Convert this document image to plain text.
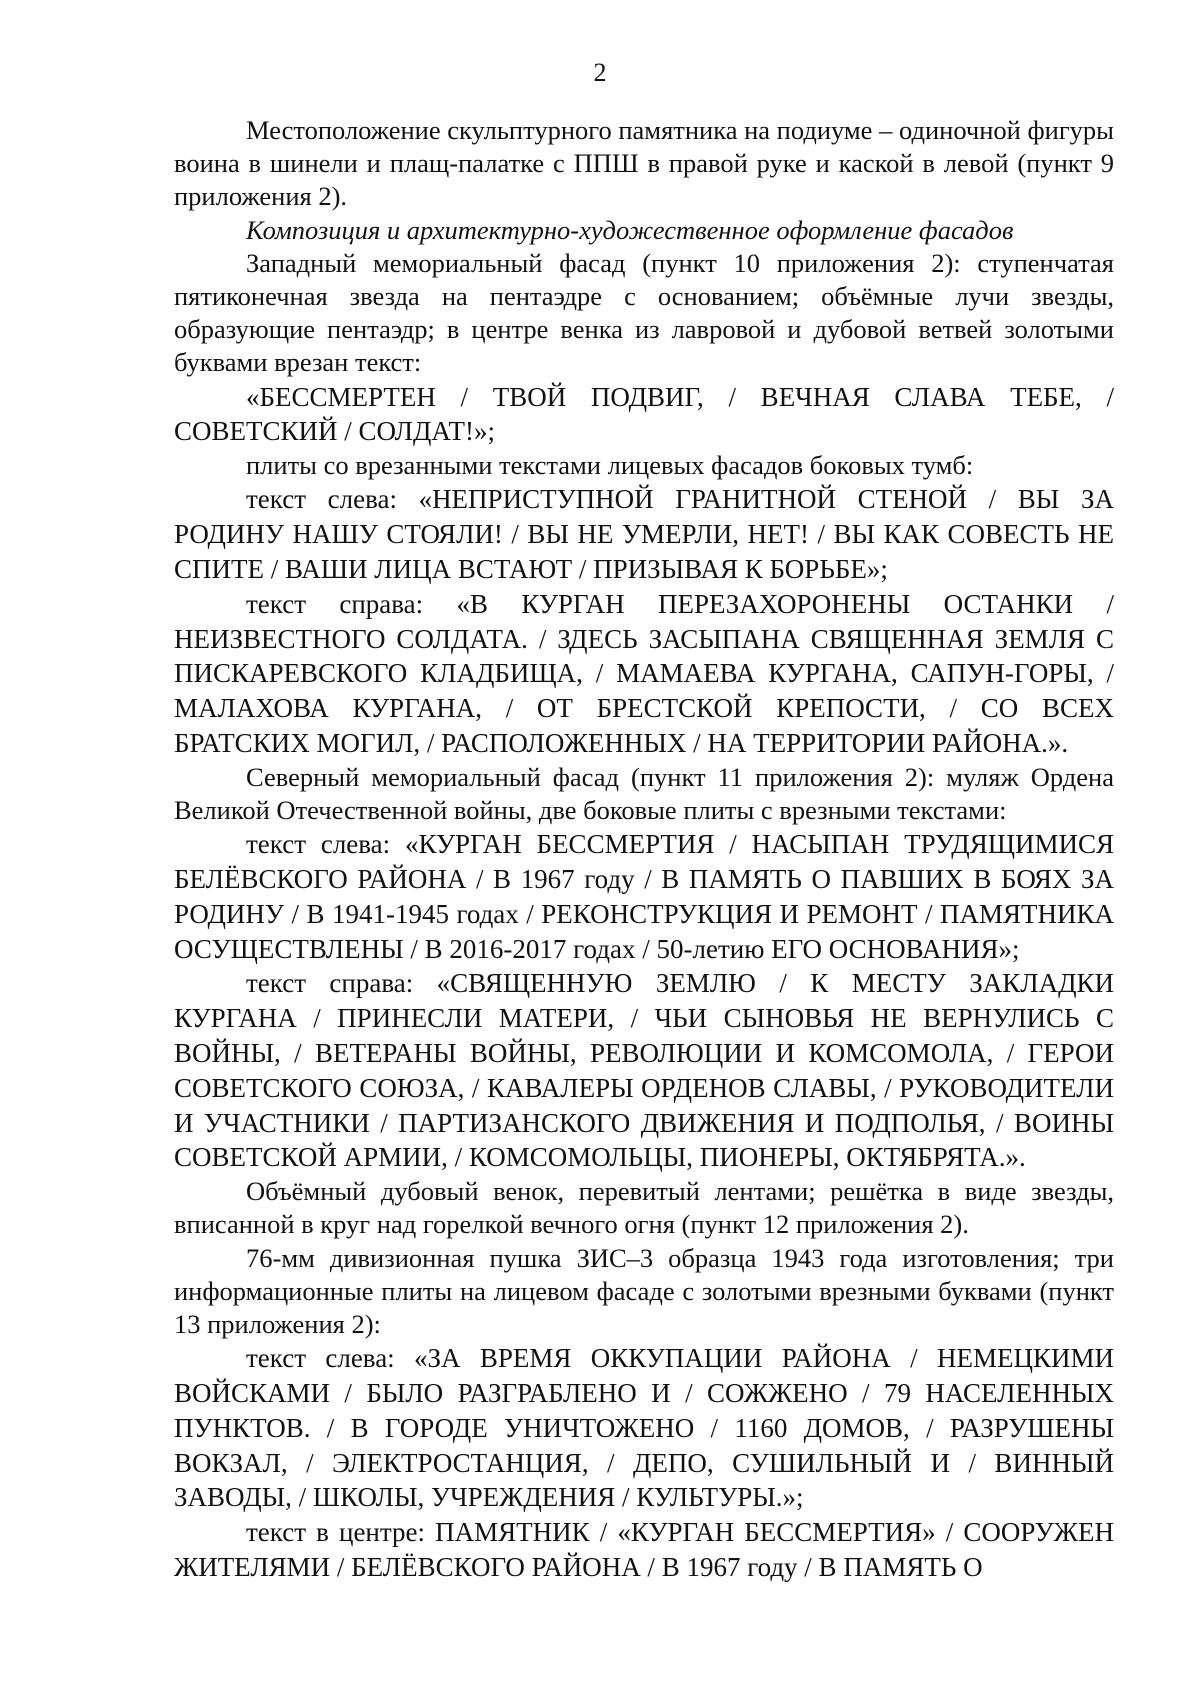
2

Местоположение скульптурного памятника на подиуме – одиночной фигуры воина в шинели и плащ-палатке с ППШ в правой руке и каской в левой (пункт 9 приложения 2).

Композиция и архитектурно-художественное оформление фасадов

Западный мемориальный фасад (пункт 10 приложения 2): ступенчатая пятиконечная звезда на пентаэдре с основанием; объёмные лучи звезды, образующие пентаэдр; в центре венка из лавровой и дубовой ветвей золотыми буквами врезан текст:

«БЕССМЕРТЕН / ТВОЙ ПОДВИГ, / ВЕЧНАЯ СЛАВА ТЕБЕ, / СОВЕТСКИЙ / СОЛДАТ!»;

плиты со врезанными текстами лицевых фасадов боковых тумб:

текст слева: «НЕПРИСТУПНОЙ ГРАНИТНОЙ СТЕНОЙ / ВЫ ЗА РОДИНУ НАШУ СТОЯЛИ! / ВЫ НЕ УМЕРЛИ, НЕТ! / ВЫ КАК СОВЕСТЬ НЕ СПИТЕ / ВАШИ ЛИЦА ВСТАЮТ / ПРИЗЫВАЯ К БОРЬБЕ»;

текст справа: «В КУРГАН ПЕРЕЗАХОРОНЕНЫ ОСТАНКИ / НЕИЗВЕСТНОГО СОЛДАТА. / ЗДЕСЬ ЗАСЫПАНА СВЯЩЕННАЯ ЗЕМЛЯ С ПИСКАРЕВСКОГО КЛАДБИЩА, / МАМАЕВА КУРГАНА, САПУН-ГОРЫ, / МАЛАХОВА КУРГАНА, / ОТ БРЕСТСКОЙ КРЕПОСТИ, / СО ВСЕХ БРАТСКИХ МОГИЛ, / РАСПОЛОЖЕННЫХ / НА ТЕРРИТОРИИ РАЙОНА.».

Северный мемориальный фасад (пункт 11 приложения 2): муляж Ордена Великой Отечественной войны, две боковые плиты с врезными текстами:

текст слева: «КУРГАН БЕССМЕРТИЯ / НАСЫПАН ТРУДЯЩИМИСЯ БЕЛЁВСКОГО РАЙОНА / В 1967 году / В ПАМЯТЬ О ПАВШИХ В БОЯХ ЗА РОДИНУ / В 1941-1945 годах / РЕКОНСТРУКЦИЯ И РЕМОНТ / ПАМЯТНИКА ОСУЩЕСТВЛЕНЫ / В 2016-2017 годах / 50-летию ЕГО ОСНОВАНИЯ»;

текст справа: «СВЯЩЕННУЮ ЗЕМЛЮ / К МЕСТУ ЗАКЛАДКИ КУРГАНА / ПРИНЕСЛИ МАТЕРИ, / ЧЬИ СЫНОВЬЯ НЕ ВЕРНУЛИСЬ С ВОЙНЫ, / ВЕТЕРАНЫ ВОЙНЫ, РЕВОЛЮЦИИ И КОМСОМОЛА, / ГЕРОИ СОВЕТСКОГО СОЮЗА, / КАВАЛЕРЫ ОРДЕНОВ СЛАВЫ, / РУКОВОДИТЕЛИ И УЧАСТНИКИ / ПАРТИЗАНСКОГО ДВИЖЕНИЯ И ПОДПОЛЬЯ, / ВОИНЫ СОВЕТСКОЙ АРМИИ, / КОМСОМОЛЬЦЫ, ПИОНЕРЫ, ОКТЯБРЯТА.».

Объёмный дубовый венок, перевитый лентами; решётка в виде звезды, вписанной в круг над горелкой вечного огня (пункт 12 приложения 2).

76-мм дивизионная пушка ЗИС–3 образца 1943 года изготовления; три информационные плиты на лицевом фасаде с золотыми врезными буквами (пункт 13 приложения 2):

текст слева: «ЗА ВРЕМЯ ОККУПАЦИИ РАЙОНА / НЕМЕЦКИМИ ВОЙСКАМИ / БЫЛО РАЗГРАБЛЕНО И / СОЖЖЕНО / 79 НАСЕЛЕННЫХ ПУНКТОВ. / В ГОРОДЕ УНИЧТОЖЕНО / 1160 ДОМОВ, / РАЗРУШЕНЫ ВОКЗАЛ, / ЭЛЕКТРОСТАНЦИЯ, / ДЕПО, СУШИЛЬНЫЙ И / ВИННЫЙ ЗАВОДЫ, / ШКОЛЫ, УЧРЕЖДЕНИЯ / КУЛЬТУРЫ.»;

текст в центре: ПАМЯТНИК / «КУРГАН БЕССМЕРТИЯ» / СООРУЖЕН ЖИТЕЛЯМИ / БЕЛЁВСКОГО РАЙОНА / В 1967 году / В ПАМЯТЬ О
